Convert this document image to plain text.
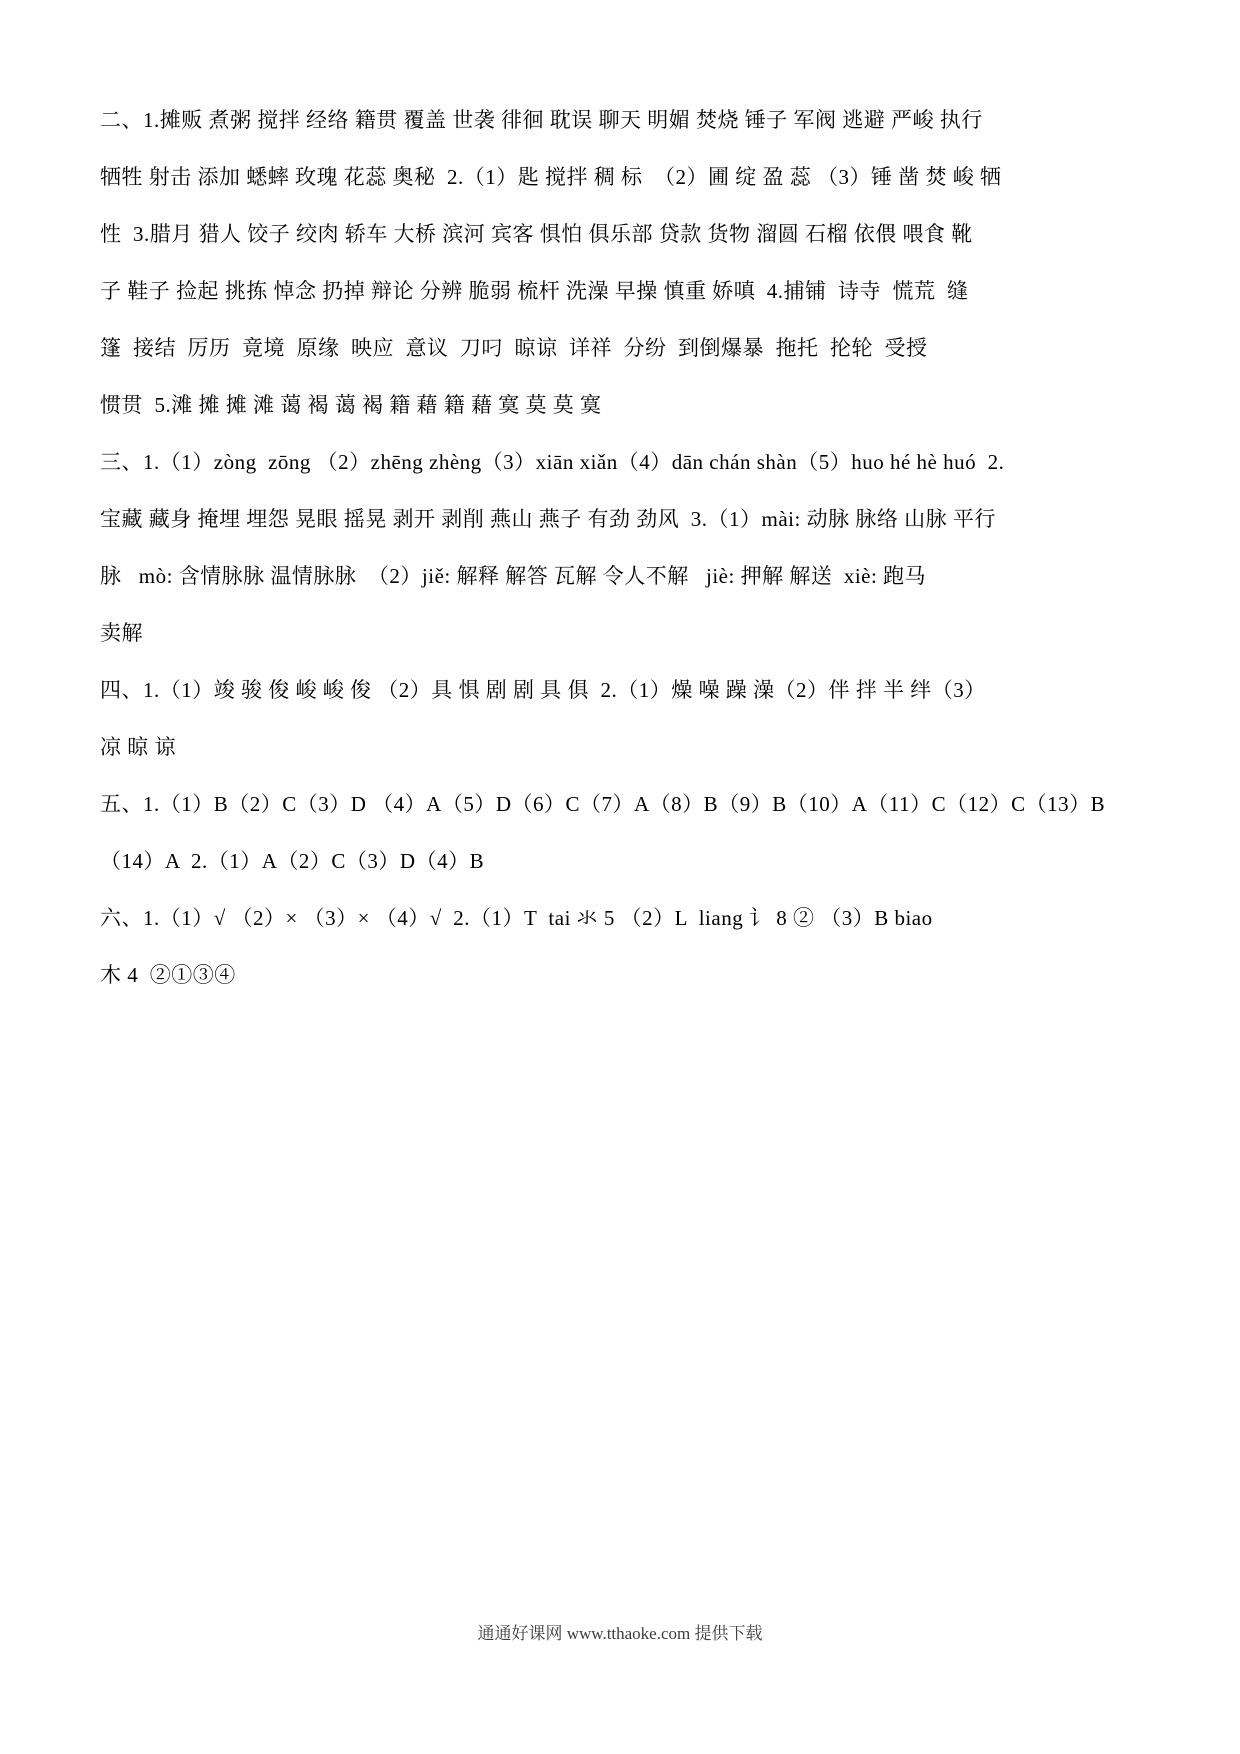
二、1.摊贩 煮粥 搅拌 经络 籍贯 覆盖 世袭 徘徊 耽误 聊天 明媚 焚烧 锤子 军阀 逃避 严峻 执行
牺牲 射击 添加 蟋蟀 玫瑰 花蕊 奥秘  2.（1）匙 搅拌 稠 标  （2）圃 绽 盈 蕊 （3）锤 凿 焚 峻 牺
性  3.腊月 猎人 饺子 绞肉 轿车 大桥 滨河 宾客 惧怕 俱乐部 贷款 货物 溜圆 石榴 依偎 喂食 靴
子 鞋子 捡起 挑拣 悼念 扔掉 辩论 分辨 脆弱 梳杆 洗澡 早操 慎重 娇嗔  4.捕铺  诗寺  慌荒  缝
篷  接结  厉历  竟境  原缘  映应  意议  刀叼  晾谅  详祥  分纷  到倒爆暴  拖托  抡轮  受授
惯贯  5.滩 摊 摊 滩 蔼 褐 蔼 褐 籍 藉 籍 藉 寞 莫 莫 寞
三、1.（1）zòng  zōng （2）zhēng zhèng（3）xiān xiǎn（4）dān chán shàn（5）huo hé hè huó  2.
宝藏 藏身 掩埋 埋怨 晃眼 摇晃 剥开 剥削 燕山 燕子 有劲 劲风  3.（1）mài: 动脉 脉络 山脉 平行
脉   mò: 含情脉脉 温情脉脉  （2）jiě: 解释 解答 瓦解 令人不解   jiè: 押解 解送  xiè: 跑马
卖解
四、1.（1）竣 骏 俊 峻 峻 俊 （2）具 惧 剧 剧 具 俱  2.（1）燥 噪 躁 澡（2）伴 拌 半 绊（3）
凉 晾 谅
五、1.（1）B（2）C（3）D （4）A（5）D（6）C（7）A（8）B（9）B（10）A（11）C（12）C（13）B
（14）A  2.（1）A（2）C（3）D（4）B
六、1.（1）√ （2）× （3）× （4）√  2.（1）T  tai 氺 5 （2）L  liang 讠 8 ② （3）B biao
木 4  ②①③④
通通好课网 www.tthaoke.com 提供下载
